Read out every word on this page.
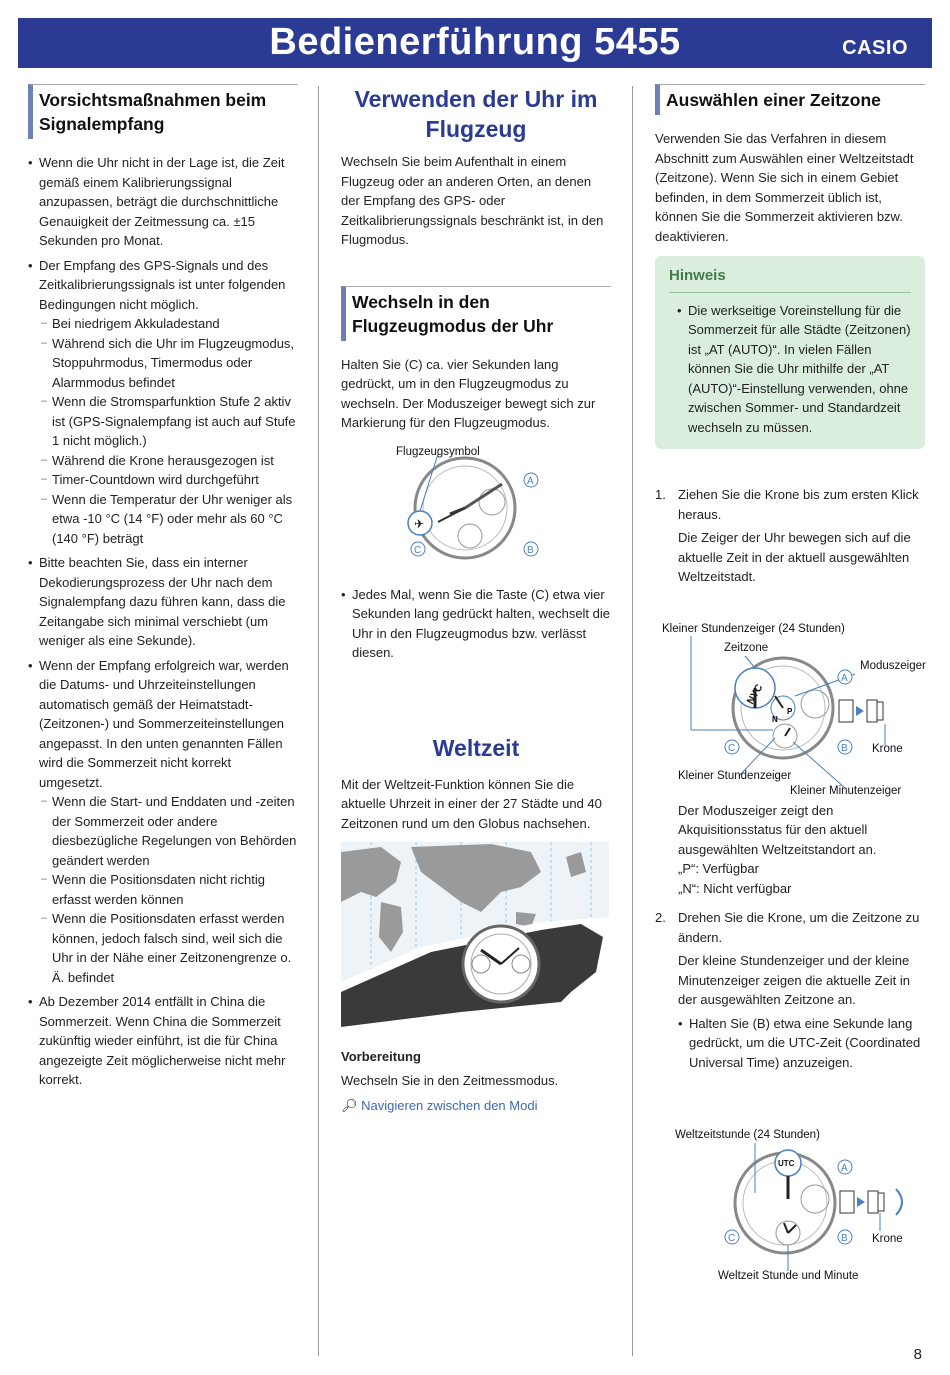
Bedienerführung 5455	CASIO
Vorsichtsmaßnahmen beim Signalempfang

• Wenn die Uhr nicht in der Lage ist, die Zeit gemäß einem Kalibrierungssignal anzupassen, beträgt die durchschnittliche Genauigkeit der Zeitmessung ca. ±15 Sekunden pro Monat.

• Der Empfang des GPS-Signals und des Zeitkalibrierungssignals ist unter folgenden Bedingungen nicht möglich.

– Bei niedrigem Akkuladestand

– Während sich die Uhr im Flugzeugmodus, Stoppuhrmodus, Timermodus oder Alarmmodus befindet

– Wenn die Stromsparfunktion Stufe 2 aktiv ist (GPS-Signalempfang ist auch auf Stufe 1 nicht möglich.)

– Während die Krone herausgezogen ist

– Timer-Countdown wird durchgeführt

– Wenn die Temperatur der Uhr weniger als etwa -10 °C (14 °F) oder mehr als 60 °C (140 °F) beträgt

• Bitte beachten Sie, dass ein interner Dekodierungsprozess der Uhr nach dem Signalempfang dazu führen kann, dass die Zeitangabe sich minimal verschiebt (um weniger als eine Sekunde).

• Wenn der Empfang erfolgreich war, werden die Datums- und Uhrzeiteinstellungen automatisch gemäß der Heimatstadt-(Zeitzonen-) und Sommerzeiteinstellungen angepasst. In den unten genannten Fällen wird die Sommerzeit nicht korrekt umgesetzt.

– Wenn die Start- und Enddaten und -zeiten der Sommerzeit oder andere diesbezügliche Regelungen von Behörden geändert werden

– Wenn die Positionsdaten nicht richtig erfasst werden können

– Wenn die Positionsdaten erfasst werden können, jedoch falsch sind, weil sich die Uhr in der Nähe einer Zeitzonengrenze o. Ä. befindet

• Ab Dezember 2014 entfällt in China die Sommerzeit. Wenn China die Sommerzeit zukünftig wieder einführt, ist die für China angezeigte Zeit möglicherweise nicht mehr korrekt.

Verwenden der Uhr im Flugzeug

Wechseln Sie beim Aufenthalt in einem Flugzeug oder an anderen Orten, an denen der Empfang des GPS- oder Zeitkalibrierungssignals beschränkt ist, in den Flugmodus.

Wechseln in den Flugzeugmodus der Uhr

Halten Sie (C) ca. vier Sekunden lang gedrückt, um in den Flugzeugmodus zu wechseln. Der Moduszeiger bewegt sich zur Markierung für den Flugzeugmodus.

• Jedes Mal, wenn Sie die Taste (C) etwa vier Sekunden lang gedrückt halten, wechselt die Uhr in den Flugzeugmodus bzw. verlässt diesen.

Weltzeit

Mit der Weltzeit-Funktion können Sie die aktuelle Uhrzeit in einer der 27 Städte und 40 Zeitzonen rund um den Globus nachsehen.

Vorbereitung

Wechseln Sie in den Zeitmessmodus.

🔎︎ Navigieren zwischen den Modi

✈
A
B
C
Flugzeugsymbol
Auswählen einer Zeitzone

Verwenden Sie das Verfahren in diesem Abschnitt zum Auswählen einer Weltzeitstadt (Zeitzone). Wenn Sie sich in einem Gebiet befinden, in dem Sommerzeit üblich ist, können Sie die Sommerzeit aktivieren bzw. deaktivieren.

Hinweis

• Die werkseitige Voreinstellung für die Sommerzeit für alle Städte (Zeitzonen) ist „AT (AUTO)“. In vielen Fällen können Sie die Uhr mithilfe der „AT (AUTO)“-Einstellung verwenden, ohne zwischen Sommer- und Standardzeit wechseln zu müssen.

1. Ziehen Sie die Krone bis zum ersten Klick heraus.

Die Zeiger der Uhr bewegen sich auf die aktuelle Zeit in der aktuell ausgewählten Weltzeitstadt.

Der Moduszeiger zeigt den Akquisitionsstatus für den aktuell ausgewählten Weltzeitstandort an.

„P“: Verfügbar

„N“: Nicht verfügbar

2. Drehen Sie die Krone, um die Zeitzone zu ändern.

Der kleine Stundenzeiger und der kleine Minutenzeiger zeigen die aktuelle Zeit in der ausgewählten Zeitzone an.

• Halten Sie (B) etwa eine Sekunde lang gedrückt, um die UTC-Zeit (Coordinated Universal Time) anzuzeigen.

N
P
A
B
C
Kleiner Stundenzeiger (24 Stunden)
Zeitzone
Moduszeiger
Krone
Kleiner Stundenzeiger
Kleiner Minutenzeiger
UTC	A
B
C
Weltzeitstunde (24 Stunden)
Krone
Weltzeit Stunde und Minute
8
